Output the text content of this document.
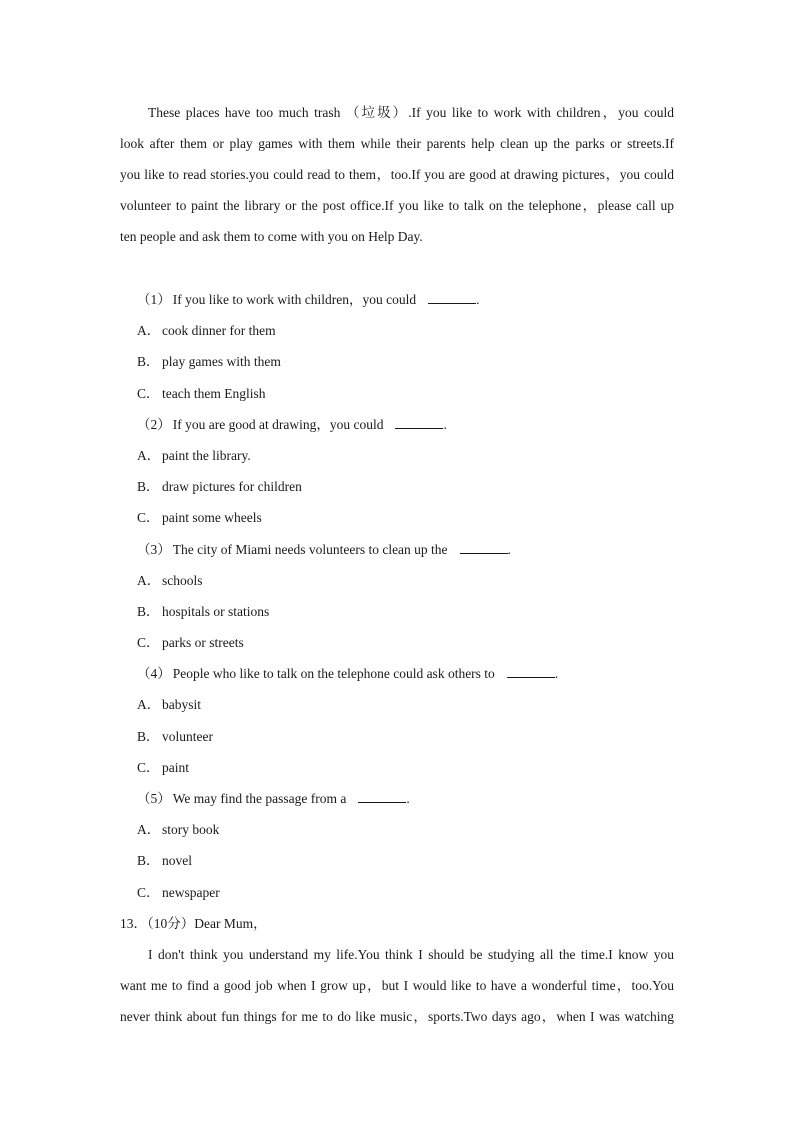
These places have too much trash （垃圾）.If you like to work with children，you could
look after them or play games with them while their parents help clean up the parks or streets.If
you like to read stories.you could read to them，too.If you are good at drawing pictures，you could
volunteer to paint the library or the post office.If you like to talk on the telephone，please call up
ten people and ask them to come with you on Help Day.
（1） If you like to work with children，you could	.
A． cook dinner for them
B． play games with them
C． teach them English
（2） If you are good at drawing，you could	.
A． paint the library.
B． draw pictures for children
C． paint some wheels
（3） The city of Miami needs volunteers to clean up the	.
A． schools
B． hospitals or stations
C． parks or streets
（4） People who like to talk on the telephone could ask others to	.
A． babysit
B． volunteer
C． paint
（5） We may find the passage from a	.
A． story book
B． novel
C． newspaper
13．（10分）Dear Mum，
I don't think you understand my life.You think I should be studying all the time.I know you
want me to find a good job when I grow up，but I would like to have a wonderful time，too.You
never think about fun things for me to do like music，sports.Two days ago，when I was watching
